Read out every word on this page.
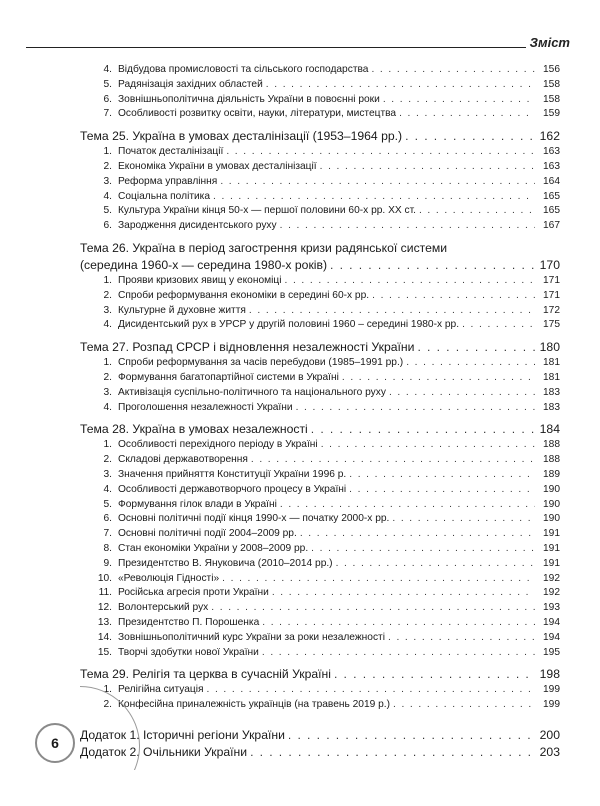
Зміст
4. Відбудова промисловості та сільського господарства . . .	156
5. Радянізація західних областей . . .	158
6. Зовнішньополітична діяльність України в повоєнні роки . . .	158
7. Особливості розвитку освіти, науки, літератури, мистецтва . . .	159
Тема 25. Україна в умовах десталінізації (1953–1964 рр.) . . .	162
1. Початок десталінізації . . .	163
2. Економіка України в умовах десталінізації . . .	163
3. Реформа управління . . .	164
4. Соціальна політика . . .	165
5. Культура України кінця 50-х — першої половини 60-х рр. ХХ ст. . . .	165
6. Зародження дисидентського руху . . .	167
Тема 26. Україна в період загострення кризи радянської системи
(середина 1960-х — середина 1980-х років) . . .	170
1. Прояви кризових явищ у економіці . . .	171
2. Спроби реформування економіки в середині 60-х рр. . . .	171
3. Культурне й духовне життя . . .	172
4. Дисидентський рух в УРСР у другій половині 1960 – середині 1980-х рр. . . .	175
Тема 27. Розпад СРСР і відновлення незалежності України . . .	180
1. Спроби реформування за часів перебудови (1985–1991 рр.) . . .	181
2. Формування багатопартійної системи в Україні . . .	181
3. Активізація суспільно-політичного та національного руху . . .	183
4. Проголошення незалежності України . . .	183
Тема 28. Україна в умовах незалежності . . .	184
1. Особливості перехідного періоду в Україні . . .	188
2. Складові державотворення . . .	188
3. Значення прийняття Конституції України 1996 р. . . .	189
4. Особливості державотворчого процесу в Україні . . .	190
5. Формування гілок влади в Україні . . .	190
6. Основні політичні події кінця 1990-х — початку 2000-х рр. . . .	190
7. Основні політичні події 2004–2009 рр. . . .	191
8. Стан економіки України у 2008–2009 рр. . . .	191
9. Президентство В. Януковича (2010–2014 рр.) . . .	191
10. «Революція Гідності» . . .	192
11. Російська агресія проти України . . .	192
12. Волонтерський рух . . .	193
13. Президентство П. Порошенка . . .	194
14. Зовнішньополітичний курс України за роки незалежності . . .	194
15. Творчі здобутки нової України . . .	195
Тема 29. Релігія та церква в сучасній Україні . . .	198
1. Релігійна ситуація . . .	199
2. Конфесійна приналежність українців (на травень 2019 р.) . . .	199
Додаток 1. Історичні регіони України . . .	200
Додаток 2. Очільники України . . .	203
6
